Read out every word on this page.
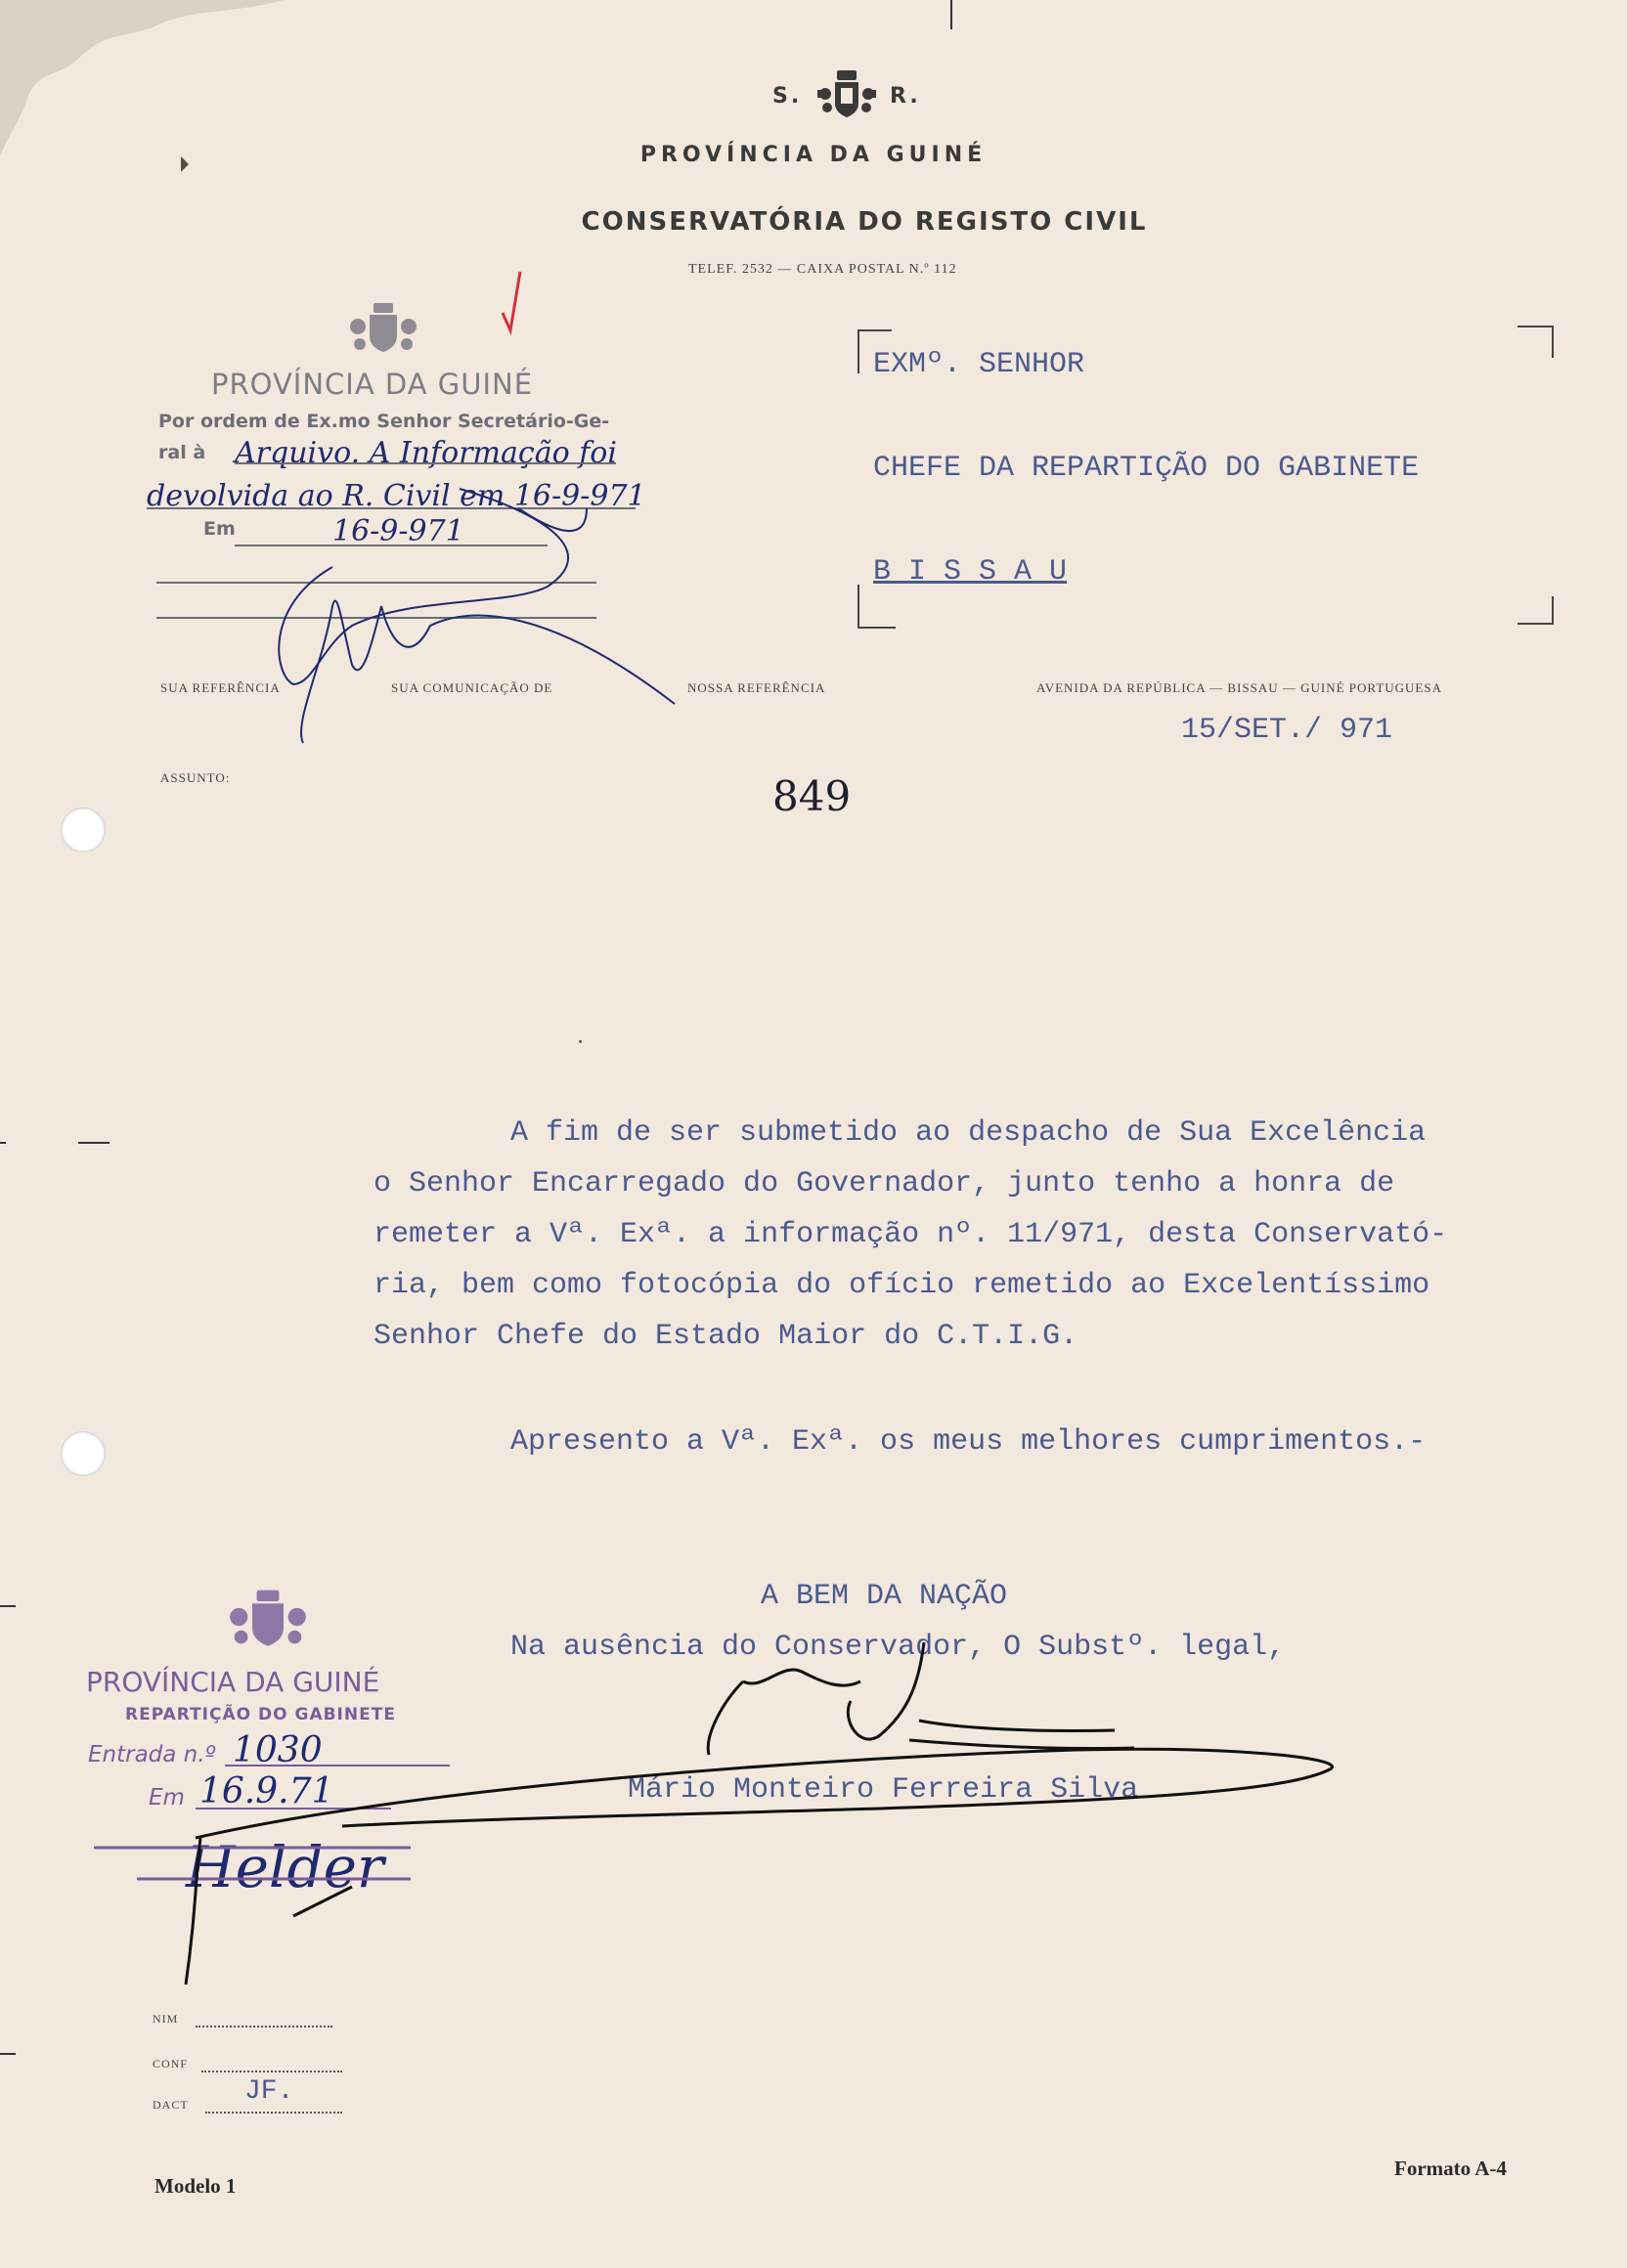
S.	R.
PROVÍNCIA DA GUINÉ
CONSERVATÓRIA DO REGISTO CIVIL
TELEF. 2532 — CAIXA POSTAL N.º 112
EXMº. SENHOR
CHEFE DA REPARTIÇÃO DO GABINETE
B I S S A U
PROVÍNCIA DA GUINÉ
Por ordem de Ex.mo Senhor Secretário-Ge-
ral à Arquivo. A Informação foi
devolvida ao R. Civil em 16-9-971
Em	16-9-971
SUA REFERÊNCIA	SUA COMUNICAÇÃO DE	NOSSA REFERÊNCIA	AVENIDA DA REPÚBLICA — BISSAU — GUINÉ PORTUGUESA
15/SET./ 971
ASSUNTO:	849
A fim de ser submetido ao despacho de Sua Excelência
o Senhor Encarregado do Governador, junto tenho a honra de
remeter a Vª. Exª. a informação nº. 11/971, desta Conservató-
ria, bem como fotocópia do ofício remetido ao Excelentíssimo
Senhor Chefe do Estado Maior do C.T.I.G.
Apresento a Vª. Exª. os meus melhores cumprimentos.-
A BEM DA NAÇÃO
Na ausência do Conservador, O Substº. legal,
Mário Monteiro Ferreira Silva
PROVÍNCIA DA GUINÉ
REPARTIÇÃO DO GABINETE
Entrada n.º 1030
Em 16.9.71
Helder
NIM
CONF
DACT JF.
Modelo 1
Formato A-4
